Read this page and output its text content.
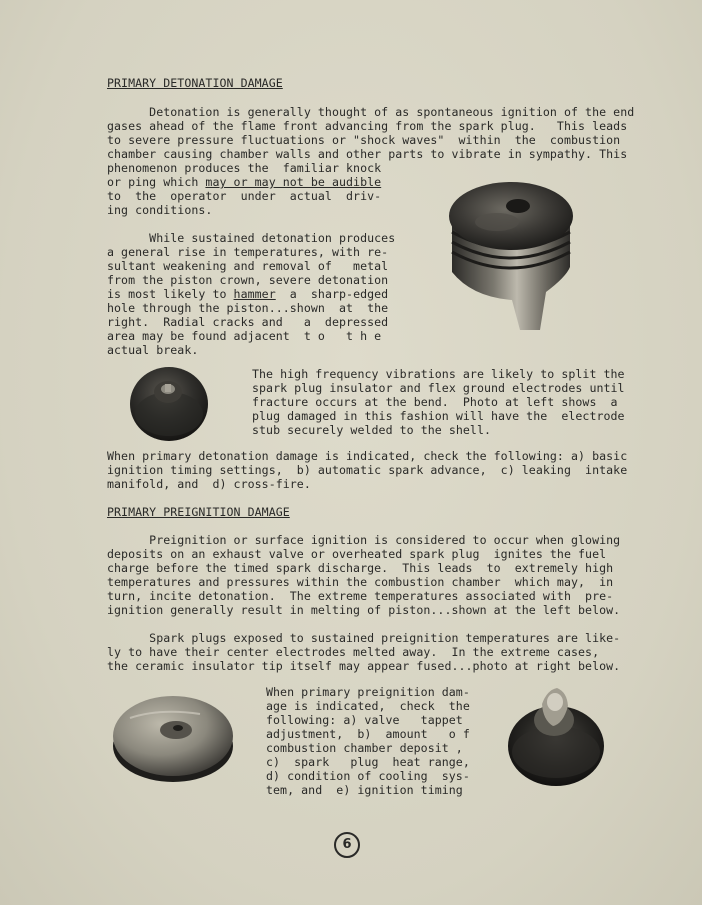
PRIMARY DETONATION DAMAGE
Detonation is generally thought of as spontaneous ignition of the end
gases ahead of the flame front advancing from the spark plug.   This leads
to severe pressure fluctuations or "shock waves"  within  the  combustion
chamber causing chamber walls and other parts to vibrate in sympathy. This
phenomenon produces the  familiar knock
or ping which may or may not be audible
to  the  operator  under  actual  driv-
ing conditions.
While sustained detonation produces
a general rise in temperatures, with re-
sultant weakening and removal of   metal
from the piston crown, severe detonation
is most likely to hammer  a  sharp-edged
hole through the piston...shown  at  the
right.  Radial cracks and   a  depressed
area may be found adjacent  t o   t h e
actual break.
The high frequency vibrations are likely to split the
spark plug insulator and flex ground electrodes until
fracture occurs at the bend.  Photo at left shows  a
plug damaged in this fashion will have the  electrode
stub securely welded to the shell.
When primary detonation damage is indicated, check the following: a) basic
ignition timing settings,  b) automatic spark advance,  c) leaking  intake
manifold, and  d) cross-fire.
PRIMARY PREIGNITION DAMAGE
Preignition or surface ignition is considered to occur when glowing
deposits on an exhaust valve or overheated spark plug  ignites the fuel
charge before the timed spark discharge.  This leads  to  extremely high
temperatures and pressures within the combustion chamber  which may,  in
turn, incite detonation.  The extreme temperatures associated with  pre-
ignition generally result in melting of piston...shown at the left below.
Spark plugs exposed to sustained preignition temperatures are like-
ly to have their center electrodes melted away.  In the extreme cases,
the ceramic insulator tip itself may appear fused...photo at right below.
When primary preignition dam-
age is indicated,  check  the
following: a) valve   tappet
adjustment,  b)  amount   o f
combustion chamber deposit ,
c)  spark   plug  heat range,
d) condition of cooling  sys-
tem, and  e) ignition timing
6
